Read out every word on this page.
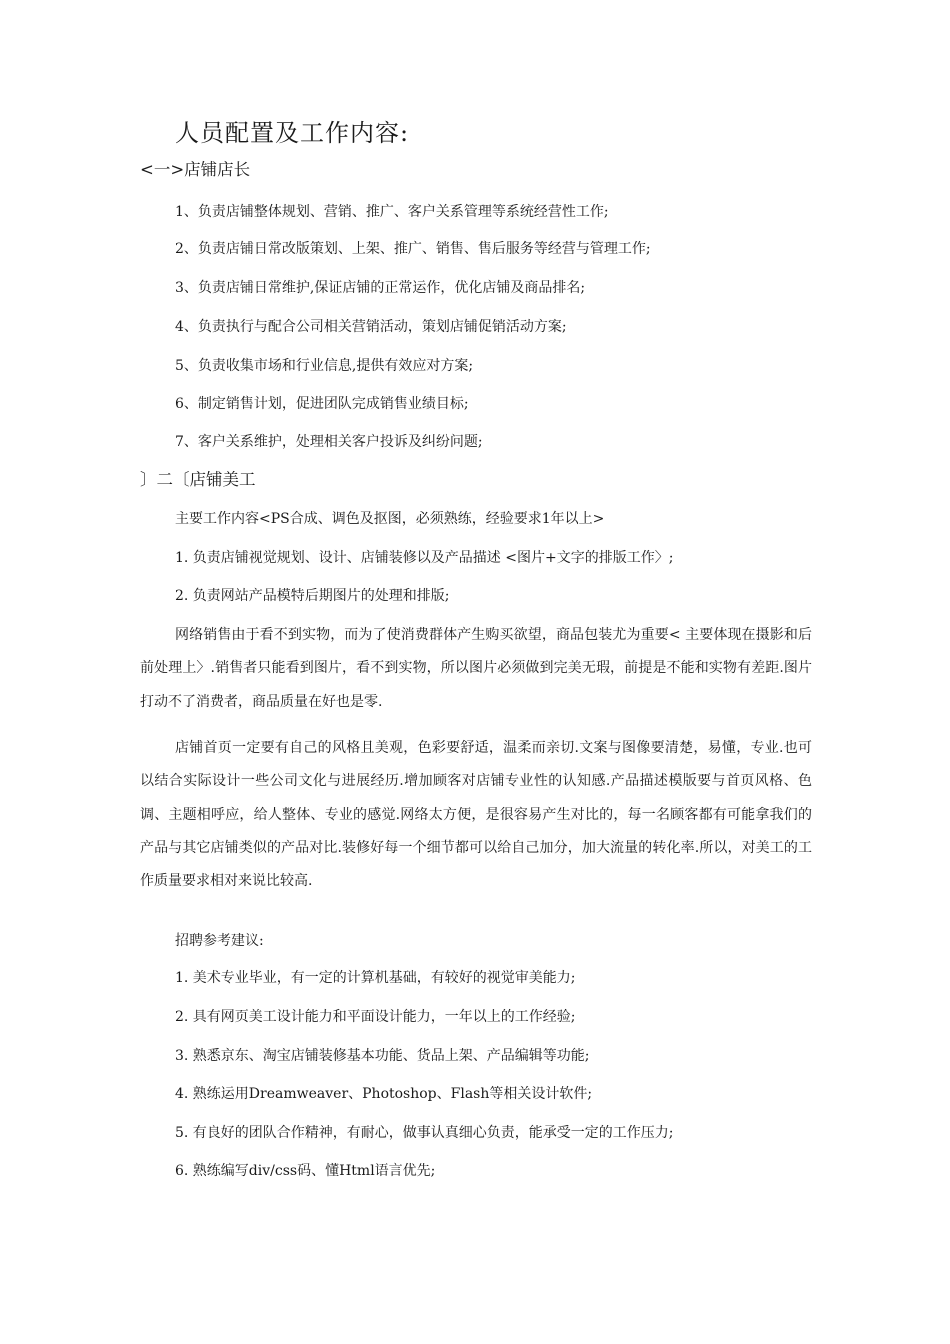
人员配置及工作内容:
<一>店铺店长
1、负责店铺整体规划、营销、推广、客户关系管理等系统经营性工作;
2、负责店铺日常改版策划、上架、推广、销售、售后服务等经营与管理工作;
3、负责店铺日常维护,保证店铺的正常运作，优化店铺及商品排名;
4、负责执行与配合公司相关营销活动，策划店铺促销活动方案;
5、负责收集市场和行业信息,提供有效应对方案;
6、制定销售计划，促进团队完成销售业绩目标;
7、客户关系维护，处理相关客户投诉及纠纷问题;
〕二〔店铺美工
主要工作内容<PS合成、调色及抠图，必须熟练，经验要求1年以上>
1. 负责店铺视觉规划、设计、店铺装修以及产品描述 <图片+文字的排版工作〉;
2. 负责网站产品模特后期图片的处理和排版;
网络销售由于看不到实物，而为了使消费群体产生购买欲望，商品包装尤为重要< 主要体现在摄影和后前处理上〉.销售者只能看到图片，看不到实物，所以图片必须做到完美无瑕，前提是不能和实物有差距.图片打动不了消费者，商品质量在好也是零.
店铺首页一定要有自己的风格且美观，色彩要舒适，温柔而亲切.文案与图像要清楚，易懂，专业.也可以结合实际设计一些公司文化与进展经历.增加顾客对店铺专业性的认知感.产品描述模版要与首页风格、色调、主题相呼应，给人整体、专业的感觉.网络太方便，是很容易产生对比的，每一名顾客都有可能拿我们的产品与其它店铺类似的产品对比.装修好每一个细节都可以给自己加分，加大流量的转化率.所以，对美工的工作质量要求相对来说比较高.
招聘参考建议:
1. 美术专业毕业，有一定的计算机基础，有较好的视觉审美能力;
2. 具有网页美工设计能力和平面设计能力，一年以上的工作经验;
3. 熟悉京东、淘宝店铺装修基本功能、货品上架、产品编辑等功能;
4. 熟练运用Dreamweaver、Photoshop、Flash等相关设计软件;
5. 有良好的团队合作精神，有耐心，做事认真细心负责，能承受一定的工作压力;
6. 熟练编写div/css码、懂Html语言优先;
